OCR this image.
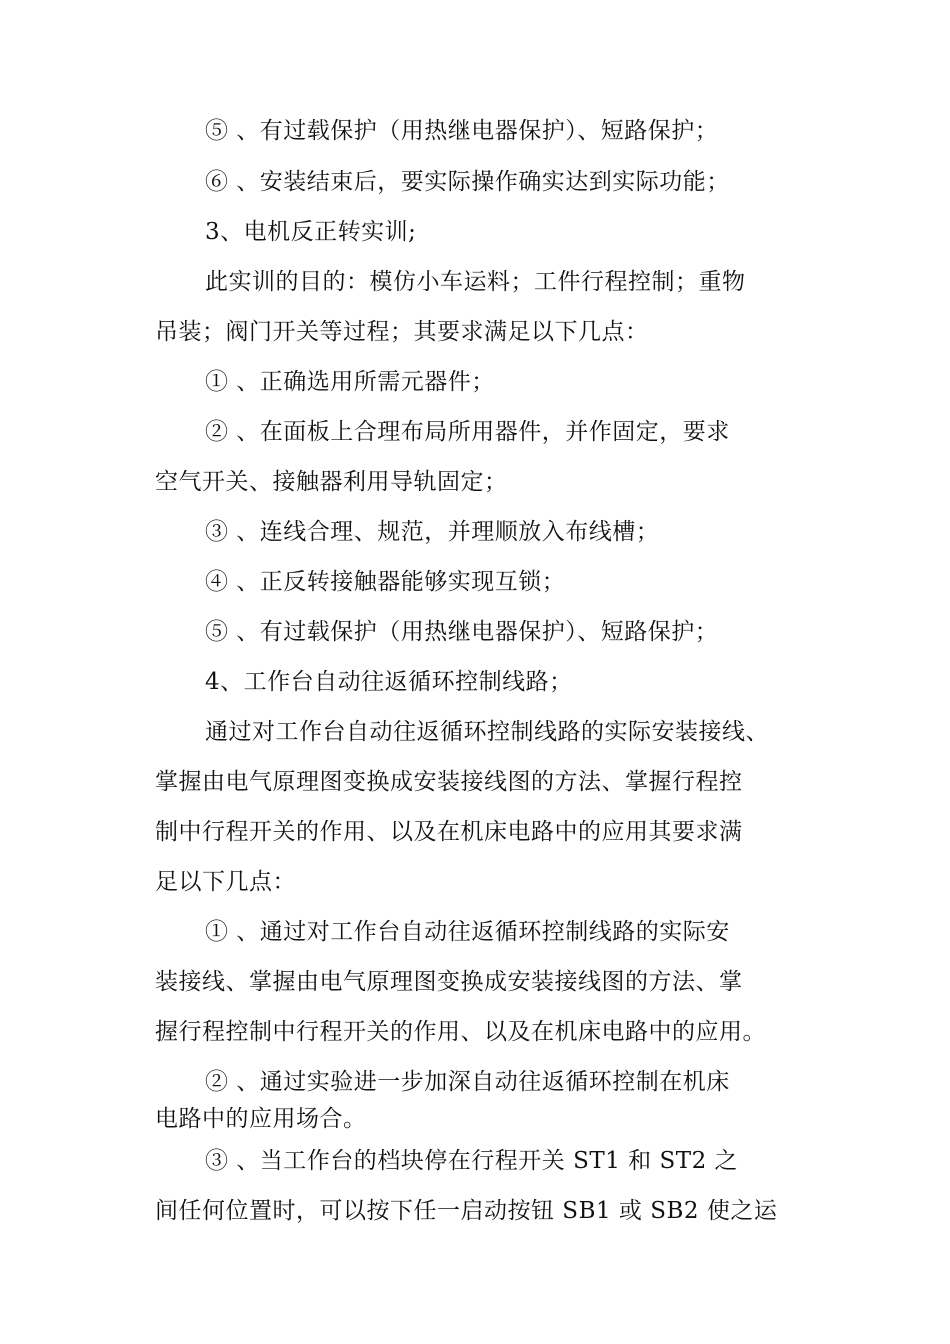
⑤ 、有过载保护（用热继电器保护）、短路保护；
⑥ 、安装结束后，要实际操作确实达到实际功能；
3、电机反正转实训;
此实训的目的：模仿小车运料；工件行程控制；重物
吊装；阀门开关等过程；其要求满足以下几点：
① 、正确选用所需元器件；
② 、在面板上合理布局所用器件，并作固定，要求
空气开关、接触器利用导轨固定；
③ 、连线合理、规范，并理顺放入布线槽；
④ 、正反转接触器能够实现互锁；
⑤ 、有过载保护（用热继电器保护）、短路保护；
4、工作台自动往返循环控制线路；
通过对工作台自动往返循环控制线路的实际安装接线、
掌握由电气原理图变换成安装接线图的方法、掌握行程控
制中行程开关的作用、以及在机床电路中的应用其要求满
足以下几点：
① 、通过对工作台自动往返循环控制线路的实际安
装接线、掌握由电气原理图变换成安装接线图的方法、掌
握行程控制中行程开关的作用、以及在机床电路中的应用。
② 、通过实验进一步加深自动往返循环控制在机床
电路中的应用场合。
③ 、当工作台的档块停在行程开关 ST1 和 ST2 之
间任何位置时，可以按下任一启动按钮 SB1 或 SB2 使之运
